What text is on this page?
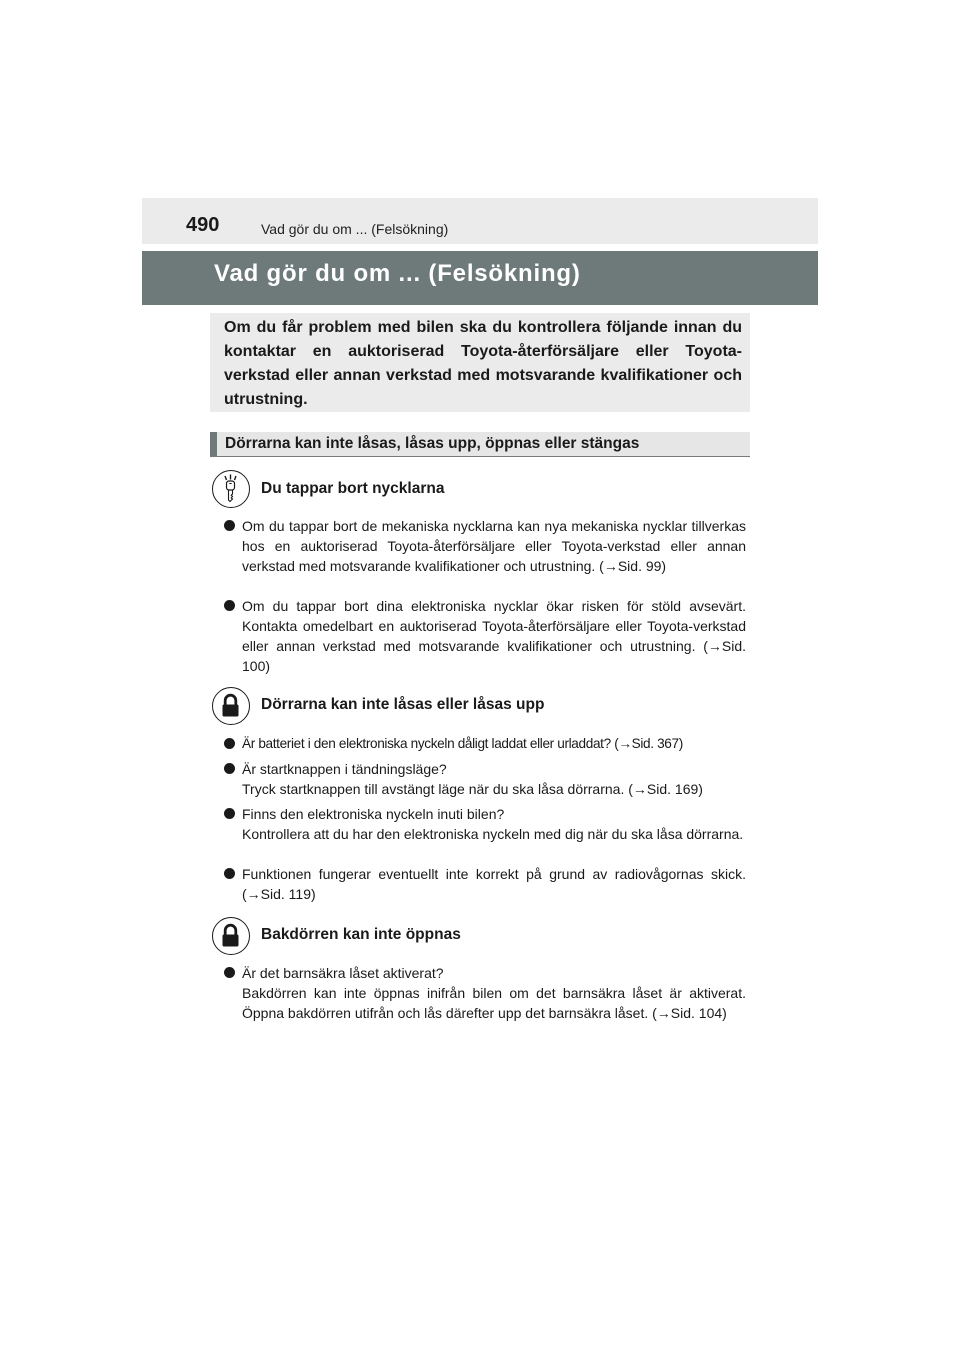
490	Vad gör du om ... (Felsökning)
Vad gör du om ... (Felsökning)

Om du får problem med bilen ska du kontrollera följande innan du kontaktar en auktoriserad Toyota-återförsäljare eller Toyota-verkstad eller annan verkstad med motsvarande kvalifikationer och utrustning.

Dörrarna kan inte låsas, låsas upp, öppnas eller stängas
Du tappar bort nycklarna
Om du tappar bort de mekaniska nycklarna kan nya mekaniska nycklar tillverkas hos en auktoriserad Toyota-återförsäljare eller Toyota-verkstad eller annan verkstad med motsvarande kvalifikationer och utrustning. (→Sid. 99)
Om du tappar bort dina elektroniska nycklar ökar risken för stöld avsevärt. Kontakta omedelbart en auktoriserad Toyota-återförsäljare eller Toyota-verkstad eller annan verkstad med motsvarande kvalifikationer och utrustning. (→Sid. 100)
Dörrarna kan inte låsas eller låsas upp
Är batteriet i den elektroniska nyckeln dåligt laddat eller urladdat? (→Sid. 367)
Är startknappen i tändningsläge?
Tryck startknappen till avstängt läge när du ska låsa dörrarna. (→Sid. 169)
Finns den elektroniska nyckeln inuti bilen?
Kontrollera att du har den elektroniska nyckeln med dig när du ska låsa dörrarna.
Funktionen fungerar eventuellt inte korrekt på grund av radiovågornas skick. (→Sid. 119)
Bakdörren kan inte öppnas
Är det barnsäkra låset aktiverat?
Bakdörren kan inte öppnas inifrån bilen om det barnsäkra låset är aktiverat. Öppna bakdörren utifrån och lås därefter upp det barnsäkra låset. (→Sid. 104)
